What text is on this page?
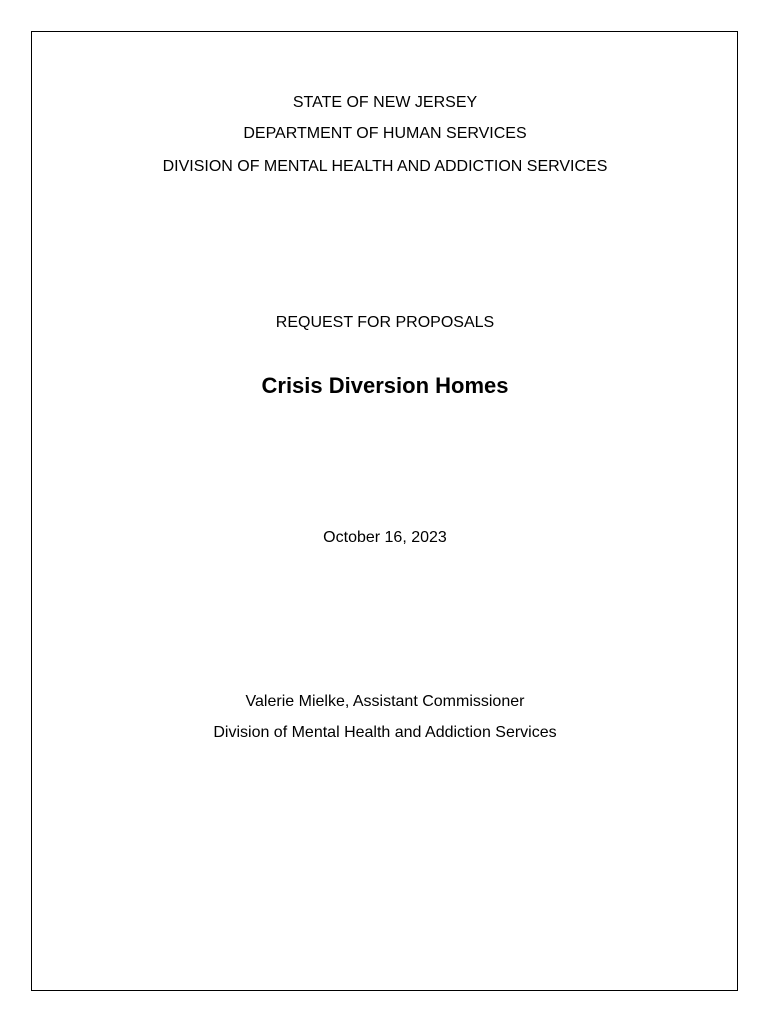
STATE OF NEW JERSEY
DEPARTMENT OF HUMAN SERVICES
DIVISION OF MENTAL HEALTH AND ADDICTION SERVICES
REQUEST FOR PROPOSALS
Crisis Diversion Homes
October 16, 2023
Valerie Mielke, Assistant Commissioner
Division of Mental Health and Addiction Services
